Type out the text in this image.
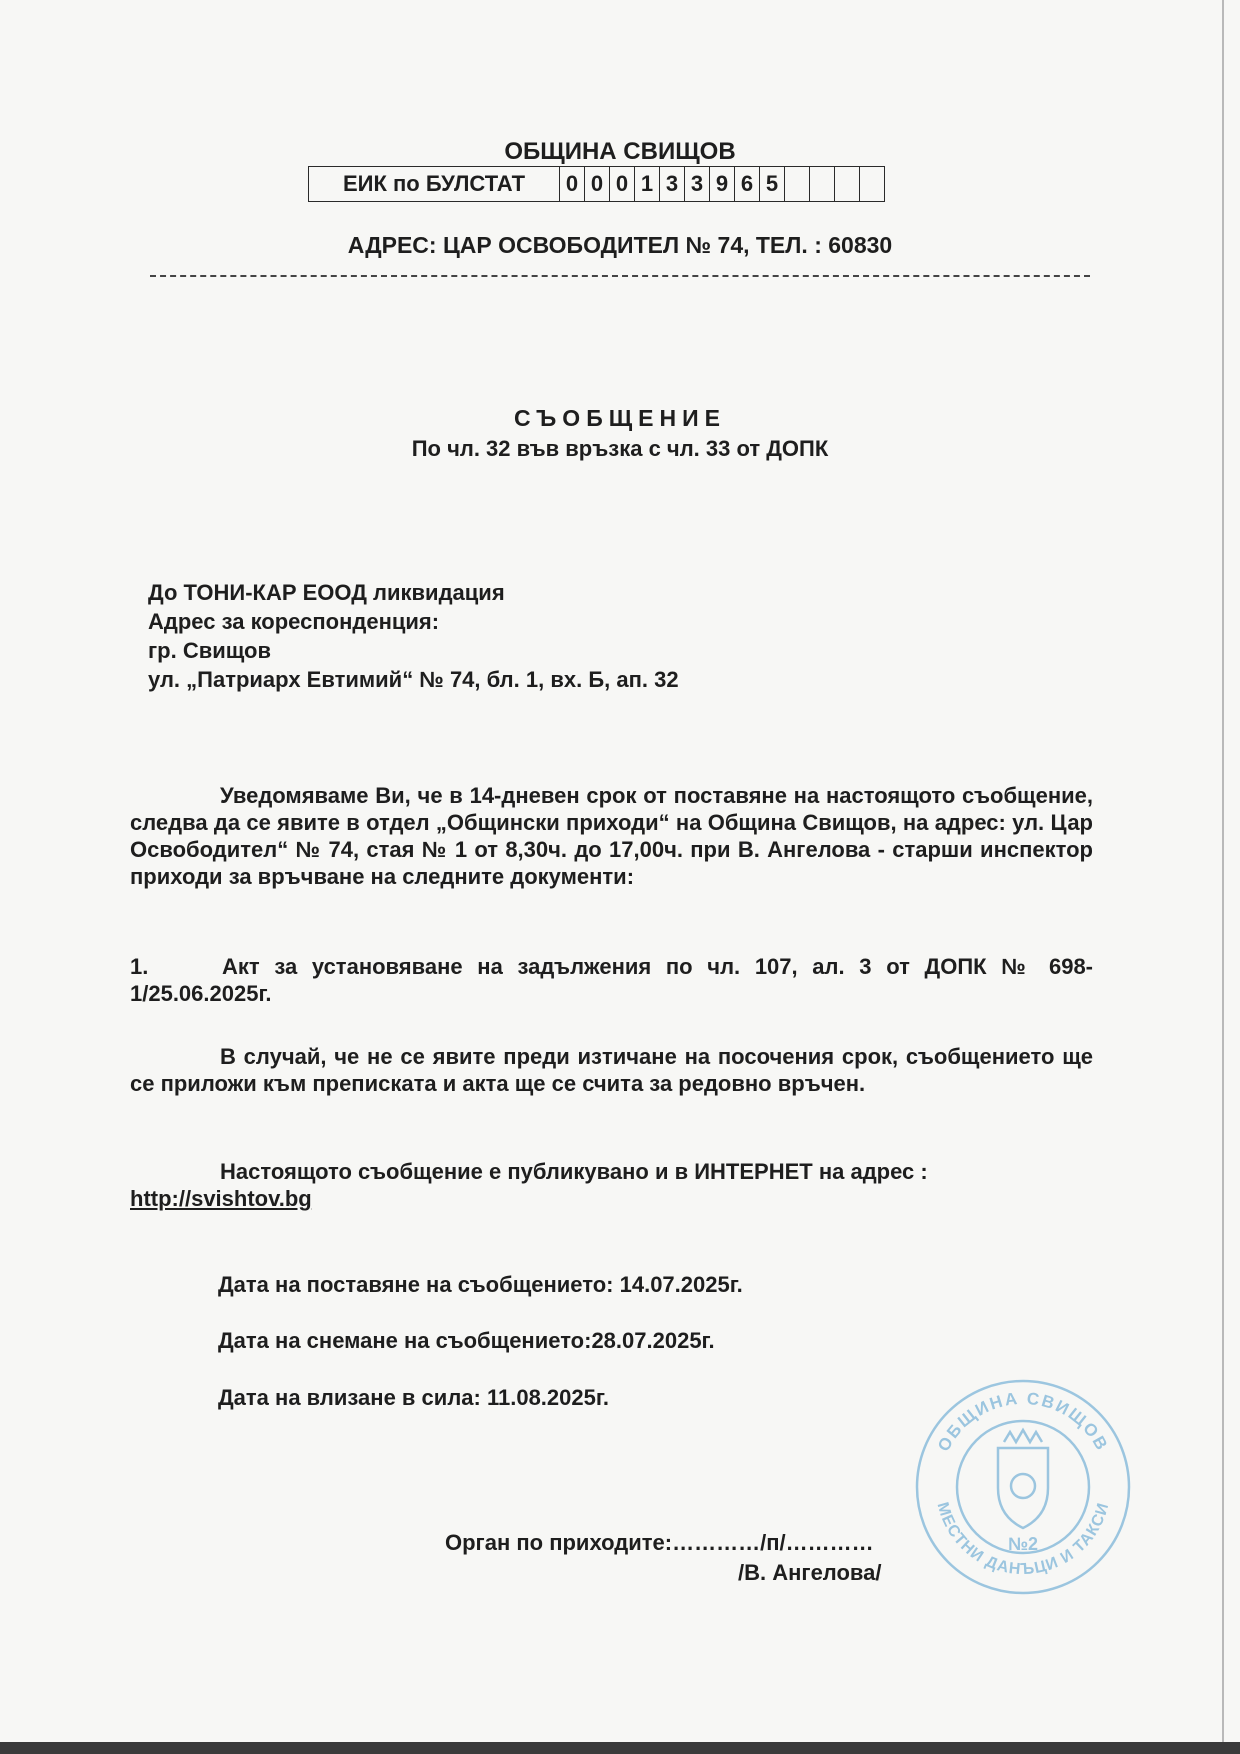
ОБЩИНА СВИЩОВ
ЕИК по БУЛСТАТ	0	0	0	1	3	3	9	6	5				
АДРЕС: ЦАР ОСВОБОДИТЕЛ № 74, ТЕЛ. : 60830
СЪОБЩЕНИЕ
По чл. 32 във връзка с чл. 33 от ДОПК
До ТОНИ-КАР ЕООД ликвидация
Адрес за кореспонденция:
гр. Свищов
ул. „Патриарх Евтимий“ № 74, бл. 1, вх. Б, ап. 32
Уведомяваме Ви, че в 14-дневен срок от поставяне на настоящото съобщение, следва да се явите в отдел „Общински приходи“ на Община Свищов, на адрес: ул. Цар Освободител“ № 74, стая № 1 от 8,30ч. до 17,00ч. при В. Ангелова - старши инспектор приходи за връчване на следните документи:
1.	Акт за установяване на задължения по чл. 107, ал. 3 от ДОПК № 698-1/25.06.2025г.
В случай, че не се явите преди изтичане на посочения срок, съобщението ще се приложи към преписката и акта ще се счита за редовно връчен.
Настоящото съобщение е публикувано и в ИНТЕРНЕТ на адрес :
http://svishtov.bg
Дата на поставяне на съобщението: 14.07.2025г.
Дата на снемане на съобщението:28.07.2025г.
Дата на влизане в сила: 11.08.2025г.
Орган по приходите:…………/п/…………
/В. Ангелова/
№2
ОБЩИНА СВИЩОВ
МЕСТНИ ДАНЪЦИ И ТАКСИ
